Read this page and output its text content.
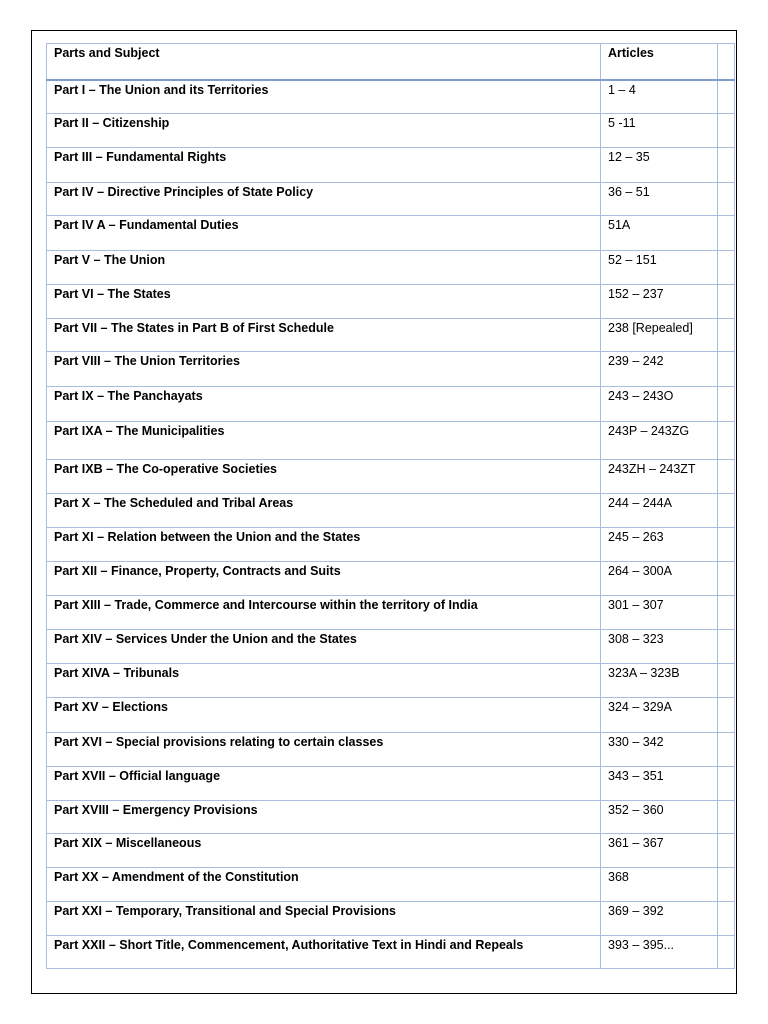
Parts and Subject	Articles	
Part I – The Union and its Territories	1 – 4	
Part II – Citizenship	5 -11	
Part III – Fundamental Rights	12 – 35	
Part IV – Directive Principles of State Policy	36 – 51	
Part IV A – Fundamental Duties	51A	
Part V – The Union	52 – 151	
Part VI – The States	152 – 237	
Part VII – The States in Part B of First Schedule	238 [Repealed]	
Part VIII – The Union Territories	239 – 242	
Part IX – The Panchayats	243 – 243O	
Part IXA – The Municipalities	243P – 243ZG	
Part IXB – The Co-operative Societies	243ZH – 243ZT	
Part X – The Scheduled and Tribal Areas	244 – 244A	
Part XI – Relation between the Union and the States	245 – 263	
Part XII – Finance, Property, Contracts and Suits	264 – 300A	
Part XIII – Trade, Commerce and Intercourse within the territory of India	301 – 307	
Part XIV – Services Under the Union and the States	308 – 323	
Part XIVA – Tribunals	323A – 323B	
Part XV – Elections	324 – 329A	
Part XVI – Special provisions relating to certain classes	330 – 342	
Part XVII – Official language	343 – 351	
Part XVIII – Emergency Provisions	352 – 360	
Part XIX – Miscellaneous	361 – 367	
Part XX – Amendment of the Constitution	368	
Part XXI – Temporary, Transitional and Special Provisions	369 – 392	
Part XXII – Short Title, Commencement, Authoritative Text in Hindi and Repeals	393 – 395...	
